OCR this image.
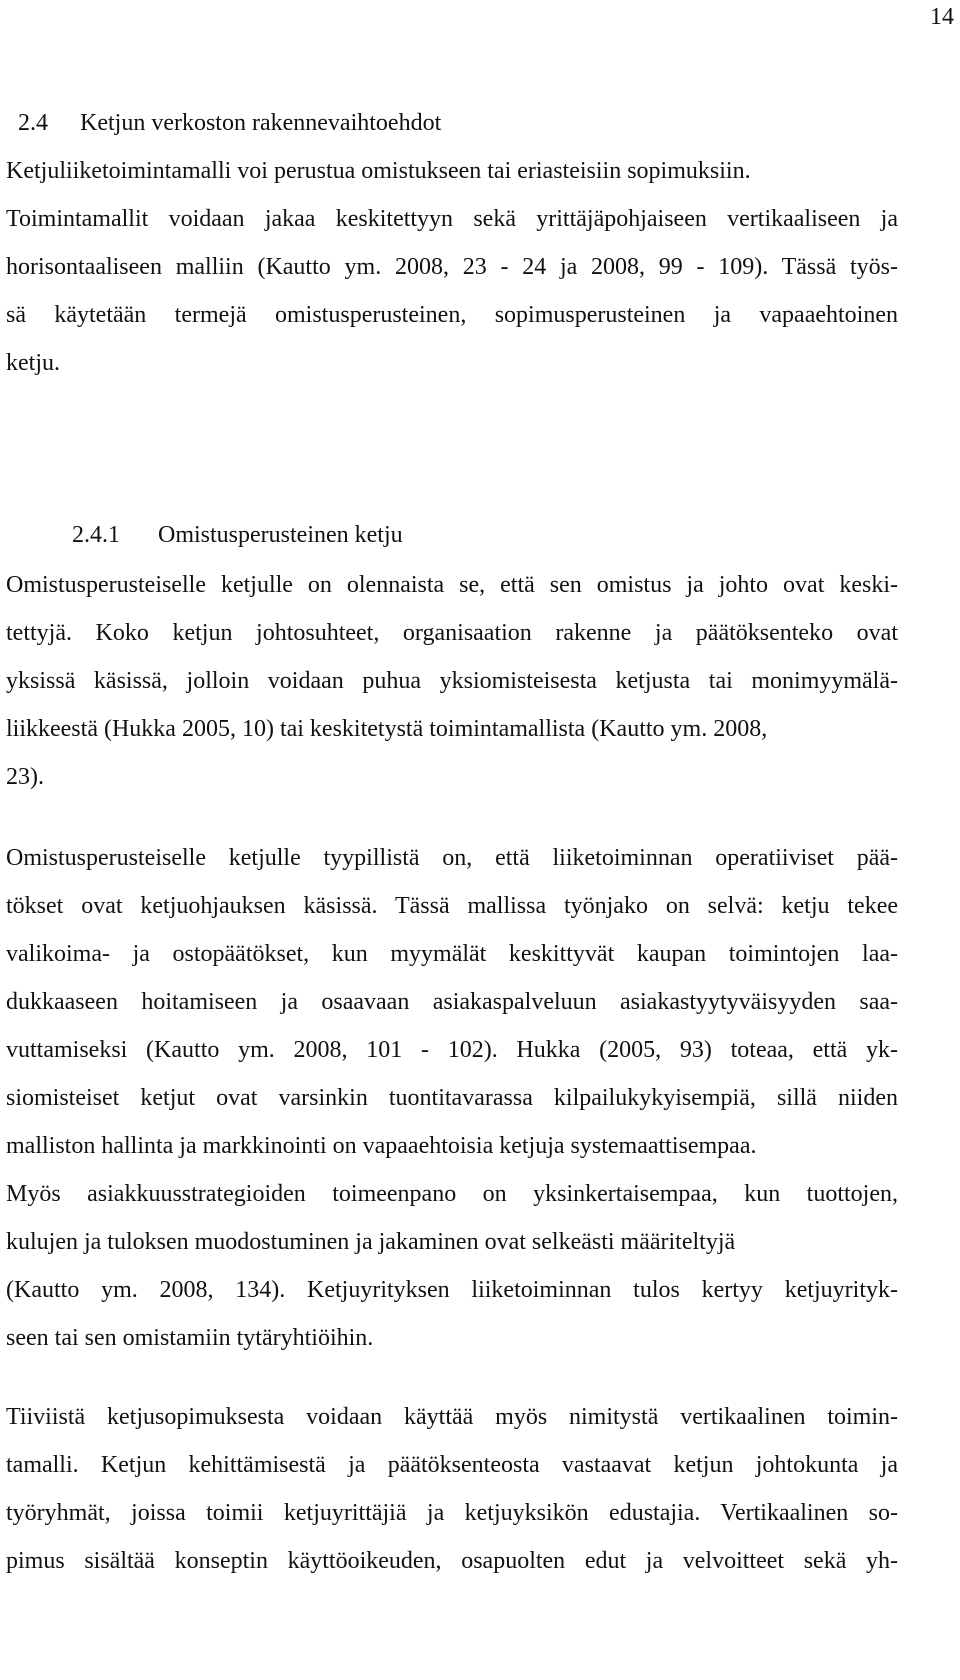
14

2.4 Ketjun verkoston rakennevaihtoehdot

Ketjuliiketoimintamalli voi perustua omistukseen tai eriasteisiin sopimuksiin.
Toimintamallit voidaan jakaa keskitettyyn sekä yrittäjäpohjaiseen vertikaaliseen ja
horisontaaliseen malliin (Kautto ym. 2008, 23 - 24 ja 2008, 99 - 109). Tässä työs-
sä käytetään termejä omistusperusteinen, sopimusperusteinen ja vapaaehtoinen
ketju.

2.4.1 Omistusperusteinen ketju

Omistusperusteiselle ketjulle on olennaista se, että sen omistus ja johto ovat keski-
tettyjä. Koko ketjun johtosuhteet, organisaation rakenne ja päätöksenteko ovat
yksissä käsissä, jolloin voidaan puhua yksiomisteisesta ketjusta tai monimyymälä-
liikkeestä (Hukka 2005, 10) tai keskitetystä toimintamallista (Kautto ym. 2008,
23).
Omistusperusteiselle ketjulle tyypillistä on, että liiketoiminnan operatiiviset pää-
tökset ovat ketjuohjauksen käsissä. Tässä mallissa työnjako on selvä: ketju tekee
valikoima- ja ostopäätökset, kun myymälät keskittyvät kaupan toimintojen laa-
dukkaaseen hoitamiseen ja osaavaan asiakaspalveluun asiakastyytyväisyyden saa-
vuttamiseksi (Kautto ym. 2008, 101 - 102). Hukka (2005, 93) toteaa, että yk-
siomisteiset ketjut ovat varsinkin tuontitavarassa kilpailukykyisempiä, sillä niiden
malliston hallinta ja markkinointi on vapaaehtoisia ketjuja systemaattisempaa.
Myös asiakkuusstrategioiden toimeenpano on yksinkertaisempaa, kun tuottojen,
kulujen ja tuloksen muodostuminen ja jakaminen ovat selkeästi määriteltyjä
(Kautto ym. 2008, 134). Ketjuyrityksen liiketoiminnan tulos kertyy ketjuyrityk-
seen tai sen omistamiin tytäryhtiöihin.
Tiiviistä ketjusopimuksesta voidaan käyttää myös nimitystä vertikaalinen toimin-
tamalli. Ketjun kehittämisestä ja päätöksenteosta vastaavat ketjun johtokunta ja
työryhmät, joissa toimii ketjuyrittäjiä ja ketjuyksikön edustajia. Vertikaalinen so-
pimus sisältää konseptin käyttöoikeuden, osapuolten edut ja velvoitteet sekä yh-
